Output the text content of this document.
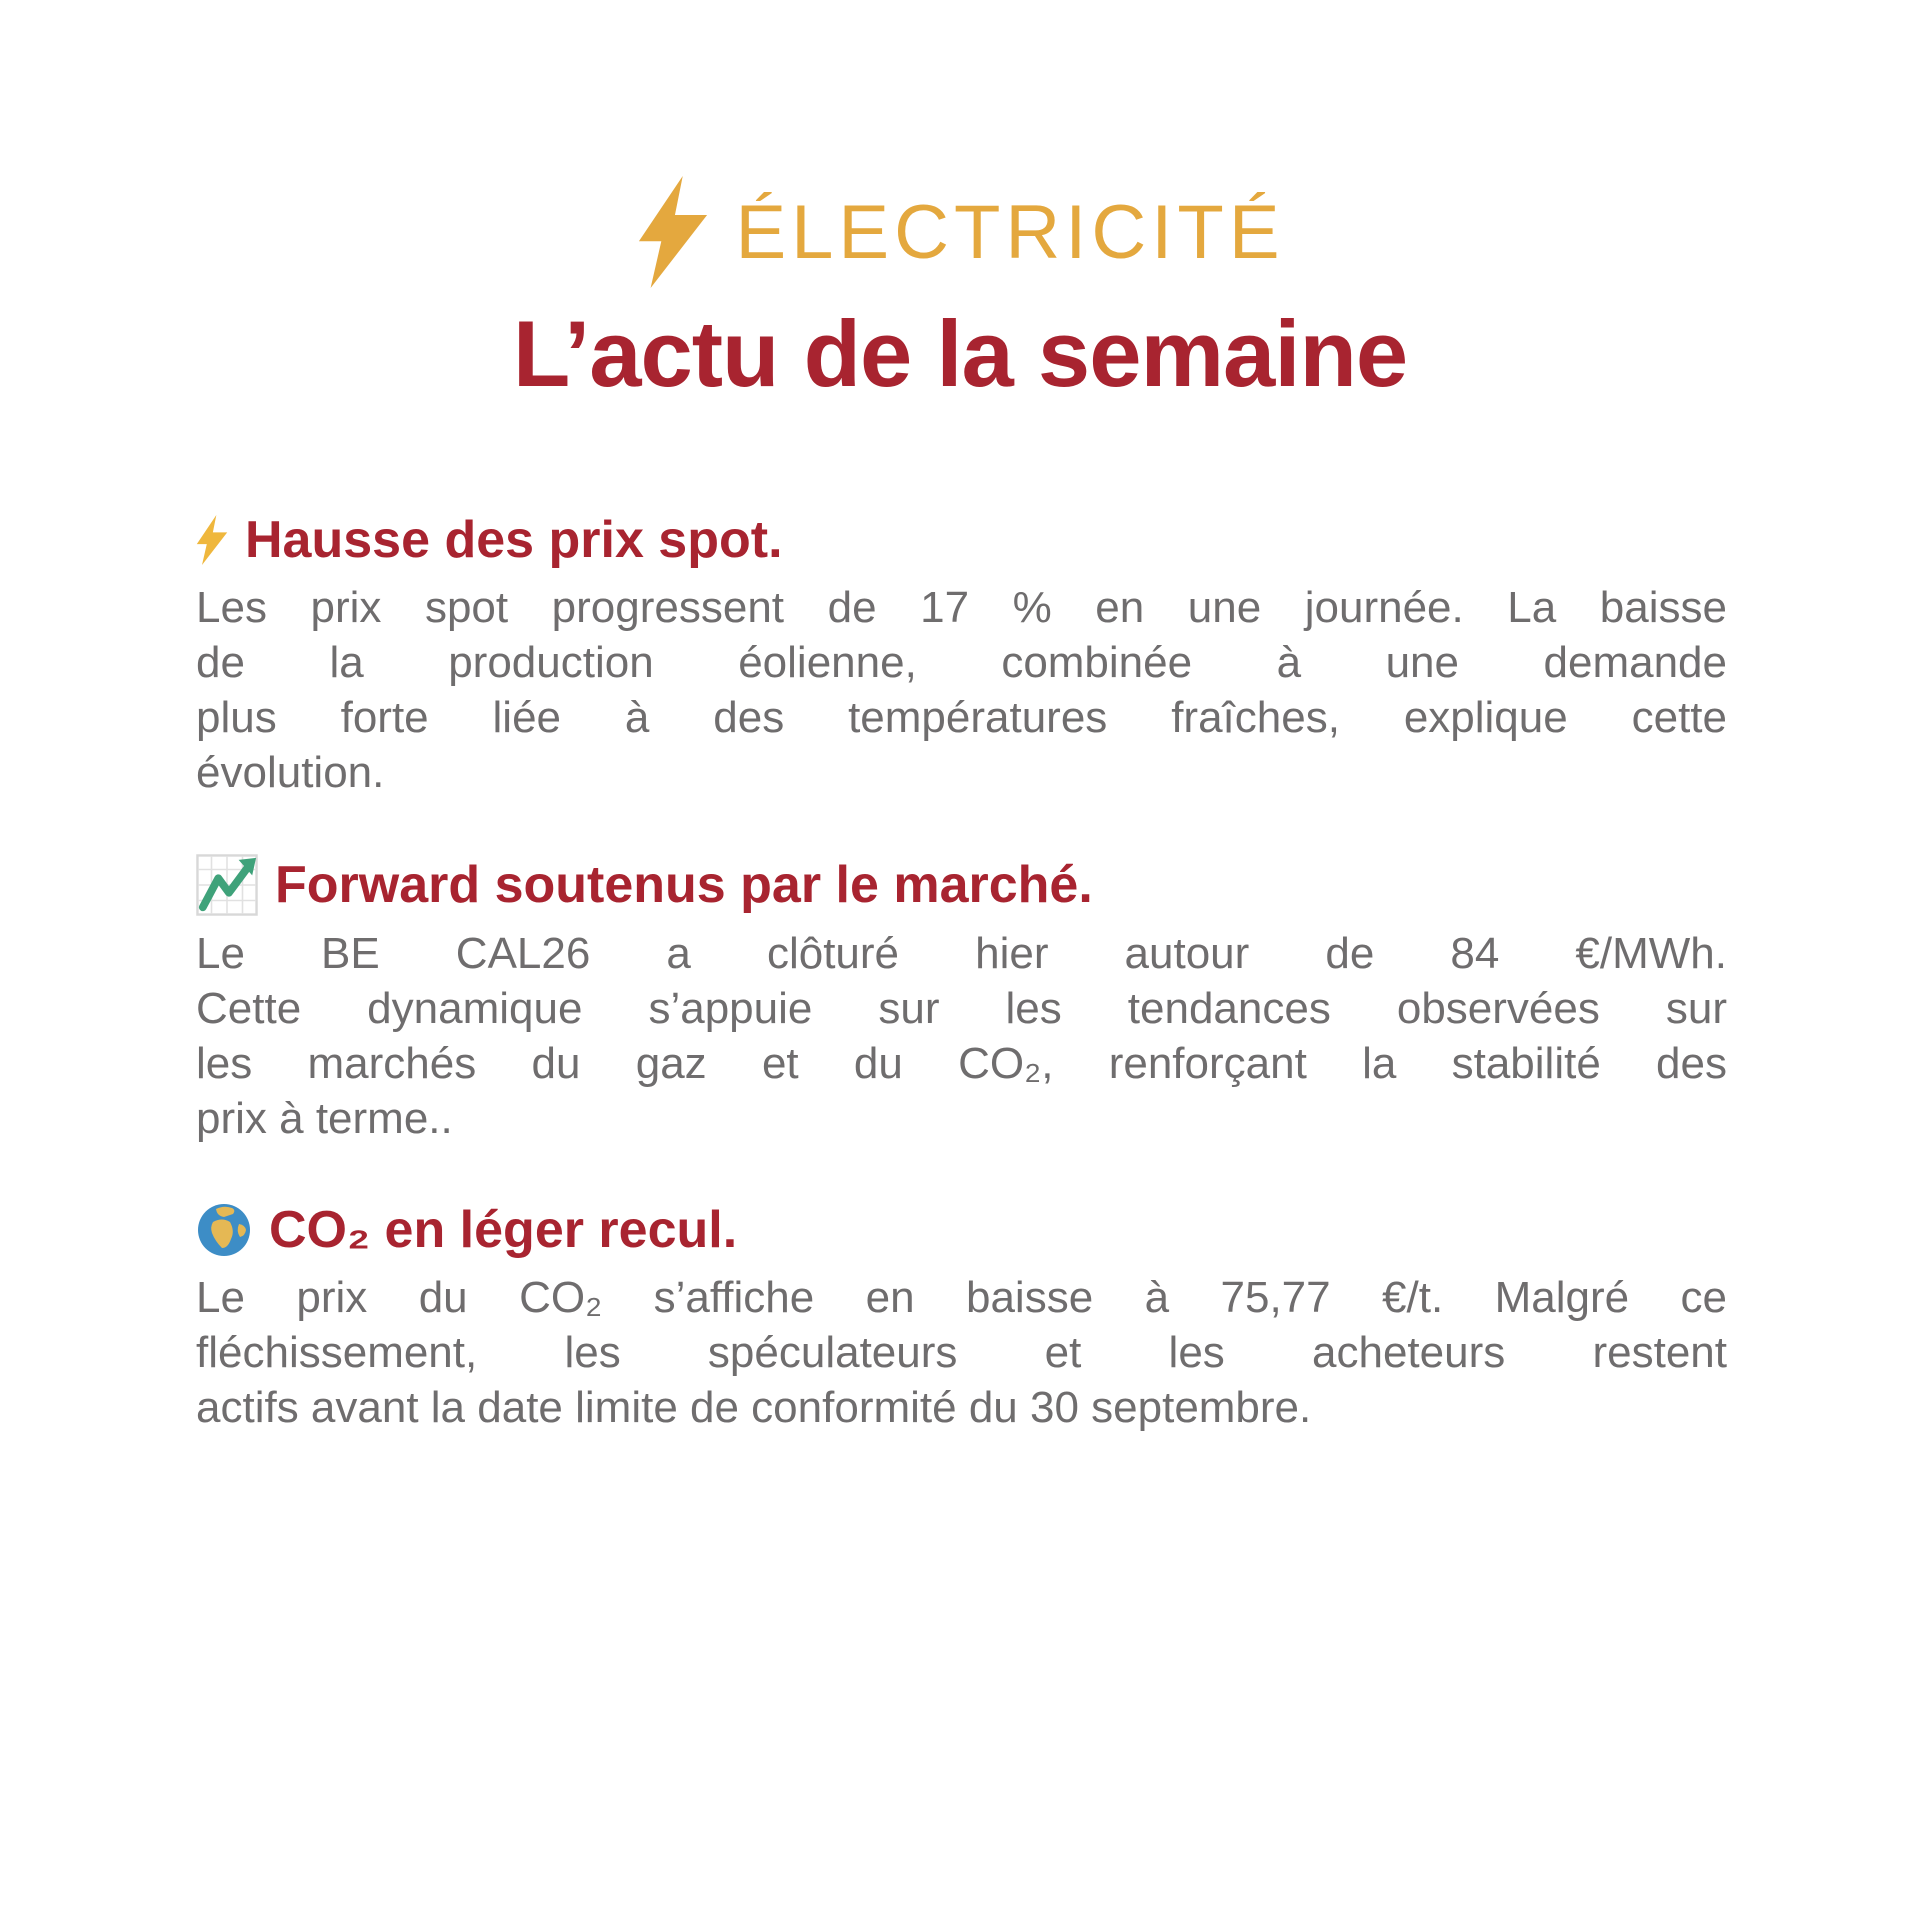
ÉLECTRICITÉ
L’actu de la semaine
Hausse des prix spot.
Les prix spot progressent de 17 % en une journée. La baisse
de la production éolienne, combinée à une demande
plus forte liée à des températures fraîches, explique cette
évolution.
Forward soutenus par le marché.
Le BE CAL26 a clôturé hier autour de 84 €/MWh.
Cette dynamique s’appuie sur les tendances observées sur
les marchés du gaz et du CO₂, renforçant la stabilité des
prix à terme..
CO₂ en léger recul.
Le prix du CO₂ s’affiche en baisse à 75,77 €/t. Malgré ce
fléchissement, les spéculateurs et les acheteurs restent
actifs avant la date limite de conformité du 30 septembre.
